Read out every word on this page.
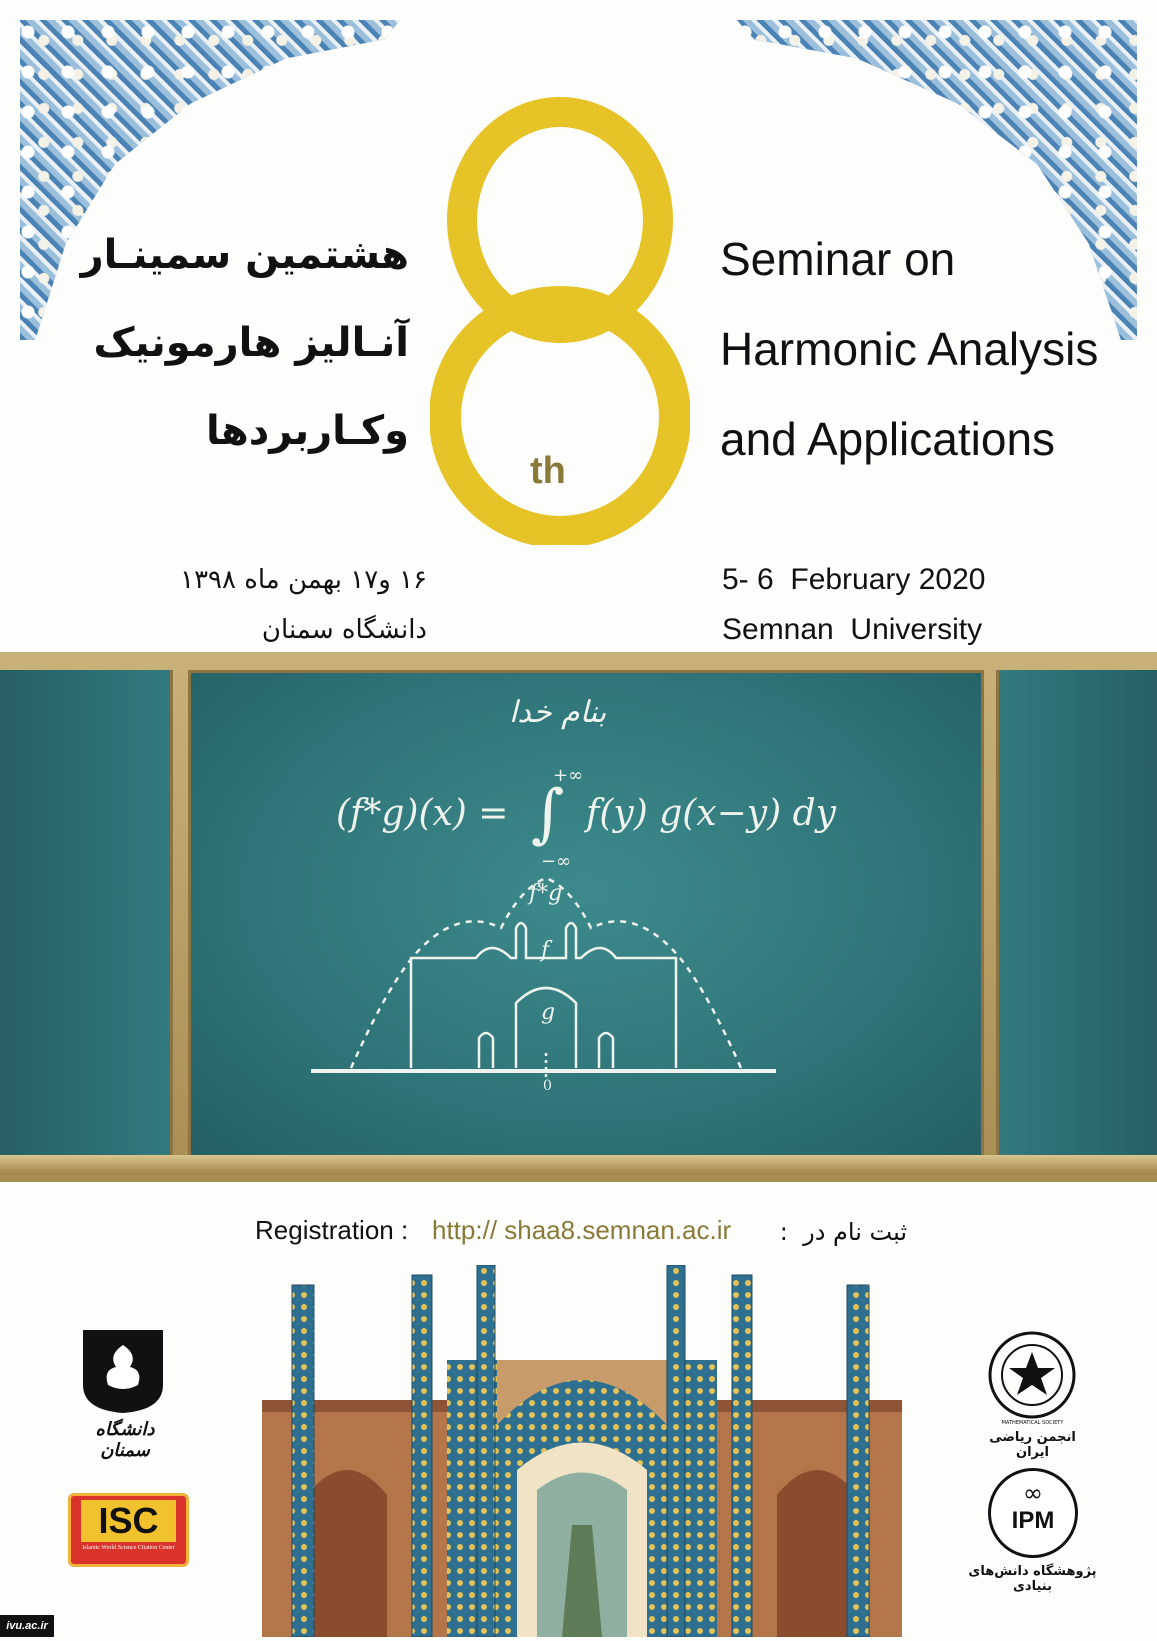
هشتمین سمینـار
آنـالیز هارمونیک
وکـاربردها
th
Seminar on
Harmonic Analysis
and Applications
۱۶ و۱۷ بهمن ماه ۱۳۹۸
دانشگاه سمنان
5- 6  February 2020
Semnan  University
بنام خدا
(f*g)(x) = ∫
+∞
−∞
f(y) g(x−y) dy
f*g
f
g
0
Registration : http:// shaa8.semnan.ac.ir ثبت نام در  :
دانشگاه سمنان
ISC
Islamic World Science Citation Center
MATHEMATICAL SOCIETY
انجمن ریاضی ایران
∞
IPM
پژوهشگاه دانش‌های بنیادی
ivu.ac.ir
